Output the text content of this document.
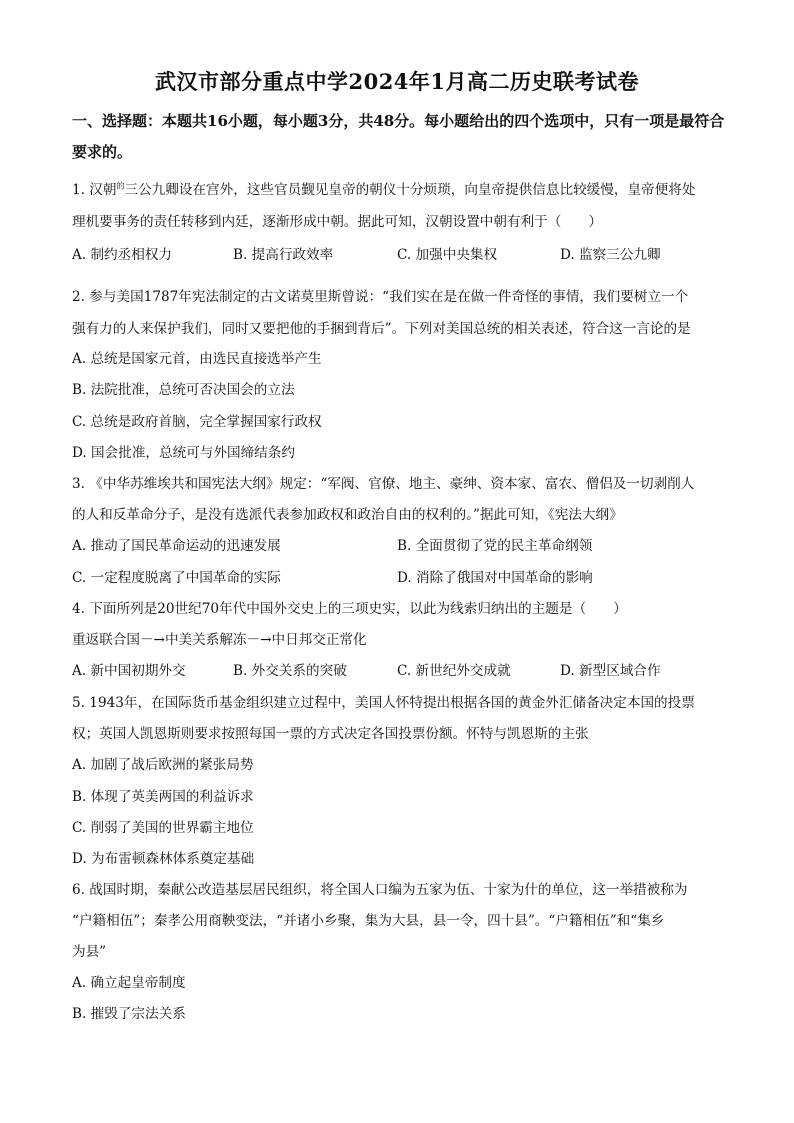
武汉市部分重点中学2024年1月高二历史联考试卷
一、选择题：本题共16小题，每小题3分，共48分。每小题给出的四个选项中，只有一项是最符合要求的。
1. 汉朝$^的$三公九卿设在宫外，这些官员觐见皇帝的朝仪十分烦琐，向皇帝提供信息比较缓慢，皇帝便将处
理机要事务的责任转移到内廷，逐渐形成中朝。据此可知，汉朝设置中朝有利于（　　）
A. 制约丞相权力	B. 提高行政效率	C. 加强中央集权	D. 监察三公九卿
2. 参与美国1787年宪法制定的古文诺莫里斯曾说：“我们实在是在做一件奇怪的事情，我们要树立一个
强有力的人来保护我们，同时又要把他的手捆到背后”。下列对美国总统的相关表述，符合这一言论的是
A. 总统是国家元首，由选民直接选举产生
B. 法院批准，总统可否决国会的立法
C. 总统是政府首脑，完全掌握国家行政权
D. 国会批准，总统可与外国缔结条约
3. 《中华苏维埃共和国宪法大纲》规定：“军阀、官僚、地主、豪绅、资本家、富农、僧侣及一切剥削人
的人和反革命分子，是没有选派代表参加政权和政治自由的权利的。”据此可知，《宪法大纲》
A. 推动了国民革命运动的迅速发展	B. 全面贯彻了党的民主革命纲领
C. 一定程度脱离了中国革命的实际	D. 消除了俄国对中国革命的影响
4. 下面所列是20世纪70年代中国外交史上的三项史实，以此为线索归纳出的主题是（　　）
重返联合国－→中美关系解冻－→中日邦交正常化
A. 新中国初期外交	B. 外交关系的突破	C. 新世纪外交成就	D. 新型区域合作
5. 1943年，在国际货币基金组织建立过程中，美国人怀特提出根据各国的黄金外汇储备决定本国的投票
权；英国人凯恩斯则要求按照每国一票的方式决定各国投票份额。怀特与凯恩斯的主张
A. 加剧了战后欧洲的紧张局势
B. 体现了英美两国的利益诉求
C. 削弱了美国的世界霸主地位
D. 为布雷顿森林体系奠定基础
6. 战国时期，秦献公改造基层居民组织，将全国人口编为五家为伍、十家为什的单位，这一举措被称为
“户籍相伍”；秦孝公用商鞅变法，“并诸小乡聚，集为大县，县一令，四十县”。“户籍相伍”和“集乡
为县”
A. 确立起皇帝制度
B. 摧毁了宗法关系
